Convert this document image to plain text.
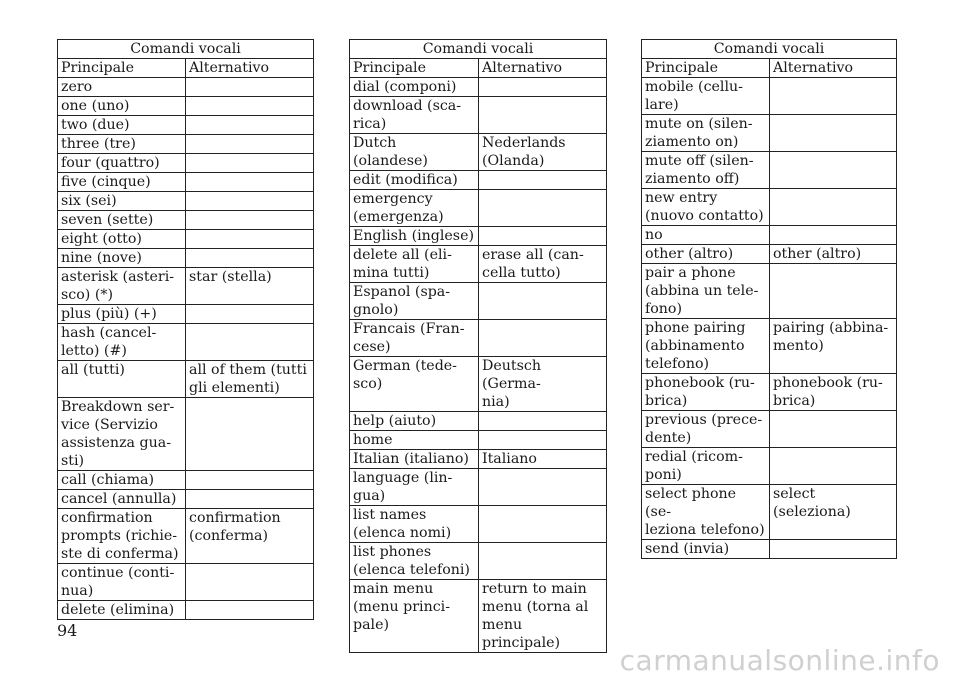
Comandi vocali	
Principale	Alternativo
zero	
one (uno)	
two (due)	
three (tre)	
four (quattro)	
five (cinque)	
six (sei)	
seven (sette)	
eight (otto)	
nine (nove)	

asterisk (asteri-
sco) (*)	star (stella)
plus (più) (+)	

hash (cancel-
letto) (#)	

all (tutti)	all of them (tutti
gli elementi)

Breakdown ser-
vice (Servizio
assistenza gua-
sti)	

call (chiama)	
cancel (annulla)	

confirmation
prompts (richie-
ste di conferma)	confirmation
(conferma)

continue (conti-
nua)	

delete (elimina)	
Comandi vocali	
Principale	Alternativo
dial (componi)	

download (sca-
rica)	

Dutch (olandese)	Nederlands
(Olanda)

edit (modifica)	

emergency
(emergenza)	

English (inglese)	

delete all (eli-
mina tutti)	erase all (can-
cella tutto)

Espanol (spa-
gnolo)	

Francais (Fran-
cese)	

German (tede-
sco)	Deutsch (Germa-
nia)

help (aiuto)	
home	
Italian (italiano)	Italiano

language (lin-
gua)	

list names
(elenca nomi)	

list phones
(elenca telefoni)	

main menu
(menu princi-
pale)	return to main
menu (torna al
menu principale)
Comandi vocali	
Principale	Alternativo

mobile (cellu-
lare)	

mute on (silen-
ziamento on)	

mute off (silen-
ziamento off)	

new entry
(nuovo contatto)	

no	
other (altro)	other (altro)

pair a phone
(abbina un tele-
fono)	

phone pairing
(abbinamento
telefono)	pairing (abbina-
mento)

phonebook (ru-
brica)	phonebook (ru-
brica)

previous (prece-
dente)	

redial (ricom-
poni)	

select phone (se-
leziona telefono)	select (seleziona)
send (invia)	
94
carmanualsonline.info
